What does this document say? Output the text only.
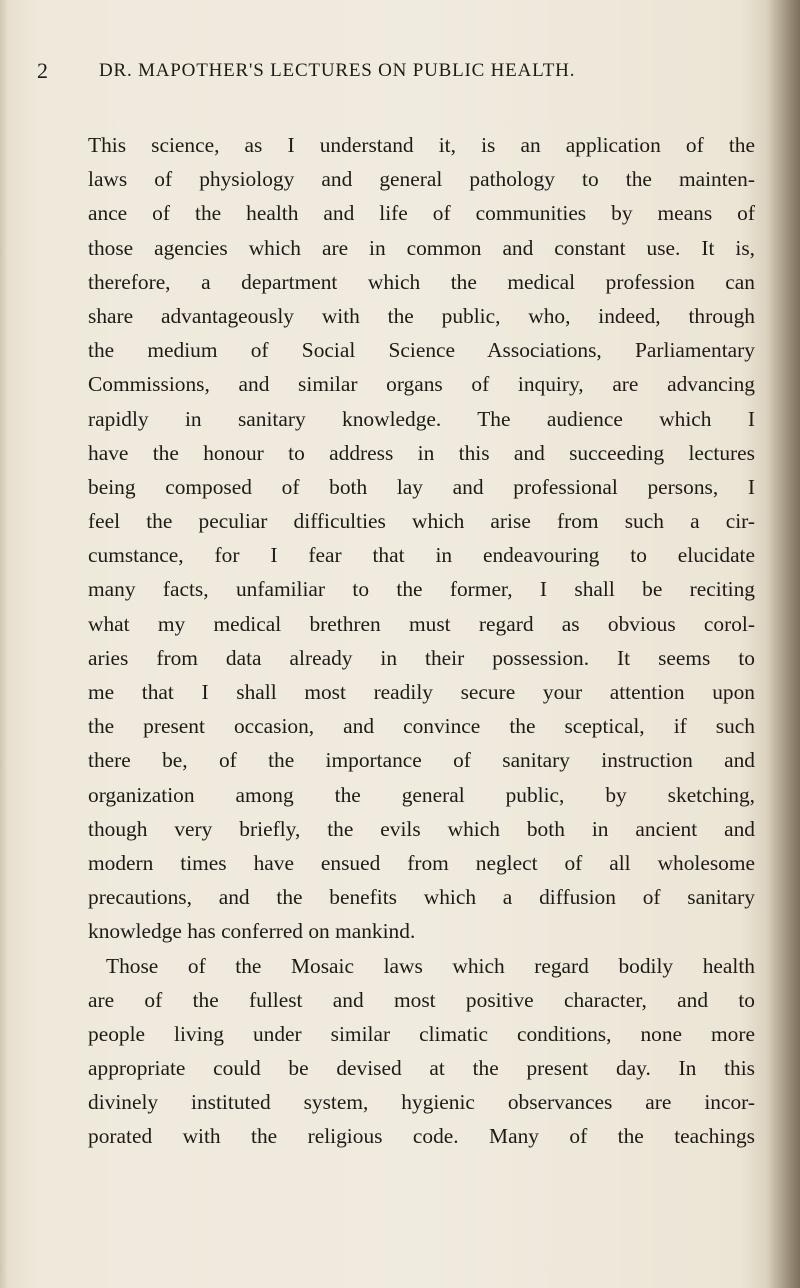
2	DR. MAPOTHER'S LECTURES ON PUBLIC HEALTH.
This science, as I understand it, is an application of the
laws of physiology and general pathology to the mainten-
ance of the health and life of communities by means of
those agencies which are in common and constant use. It is,
therefore, a department which the medical profession can
share advantageously with the public, who, indeed, through
the medium of Social Science Associations, Parliamentary
Commissions, and similar organs of inquiry, are advancing
rapidly in sanitary knowledge. The audience which I
have the honour to address in this and succeeding lectures
being composed of both lay and professional persons, I
feel the peculiar difficulties which arise from such a cir-
cumstance, for I fear that in endeavouring to elucidate
many facts, unfamiliar to the former, I shall be reciting
what my medical brethren must regard as obvious corol-
aries from data already in their possession. It seems to
me that I shall most readily secure your attention upon
the present occasion, and convince the sceptical, if such
there be, of the importance of sanitary instruction and
organization among the general public, by sketching,
though very briefly, the evils which both in ancient and
modern times have ensued from neglect of all wholesome
precautions, and the benefits which a diffusion of sanitary
knowledge has conferred on mankind.
Those of the Mosaic laws which regard bodily health
are of the fullest and most positive character, and to
people living under similar climatic conditions, none more
appropriate could be devised at the present day. In this
divinely instituted system, hygienic observances are incor-
porated with the religious code. Many of the teachings
